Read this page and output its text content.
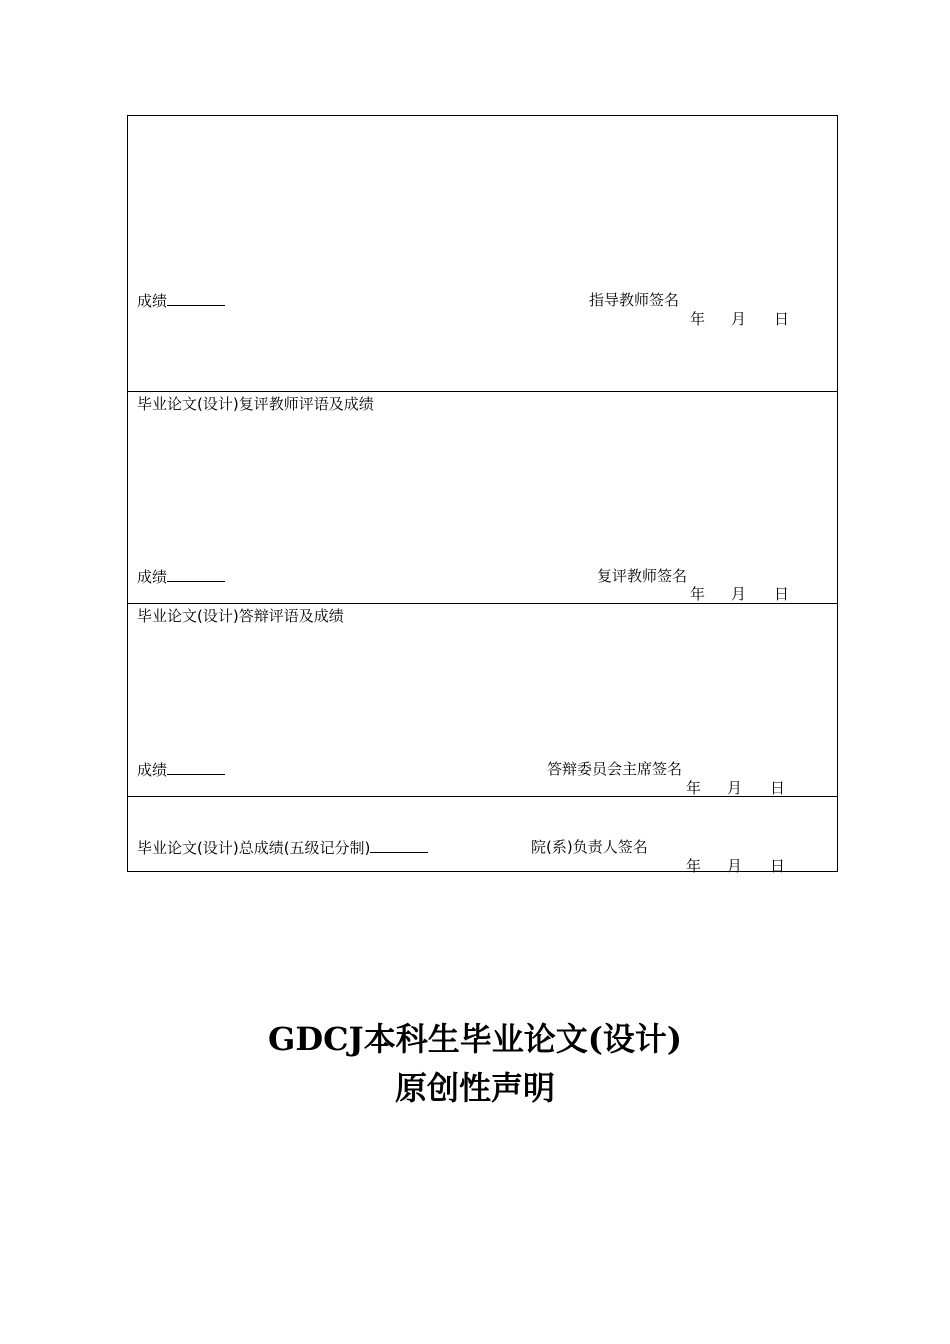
成绩	指导教师签名
年 月 日
毕业论文(设计)复评教师评语及成绩
成绩	复评教师签名
年 月 日
毕业论文(设计)答辩评语及成绩
成绩	答辩委员会主席签名
年 月 日
毕业论文(设计)总成绩(五级记分制)	院(系)负责人签名
年 月 日
GDCJ本科生毕业论文(设计)
原创性声明
